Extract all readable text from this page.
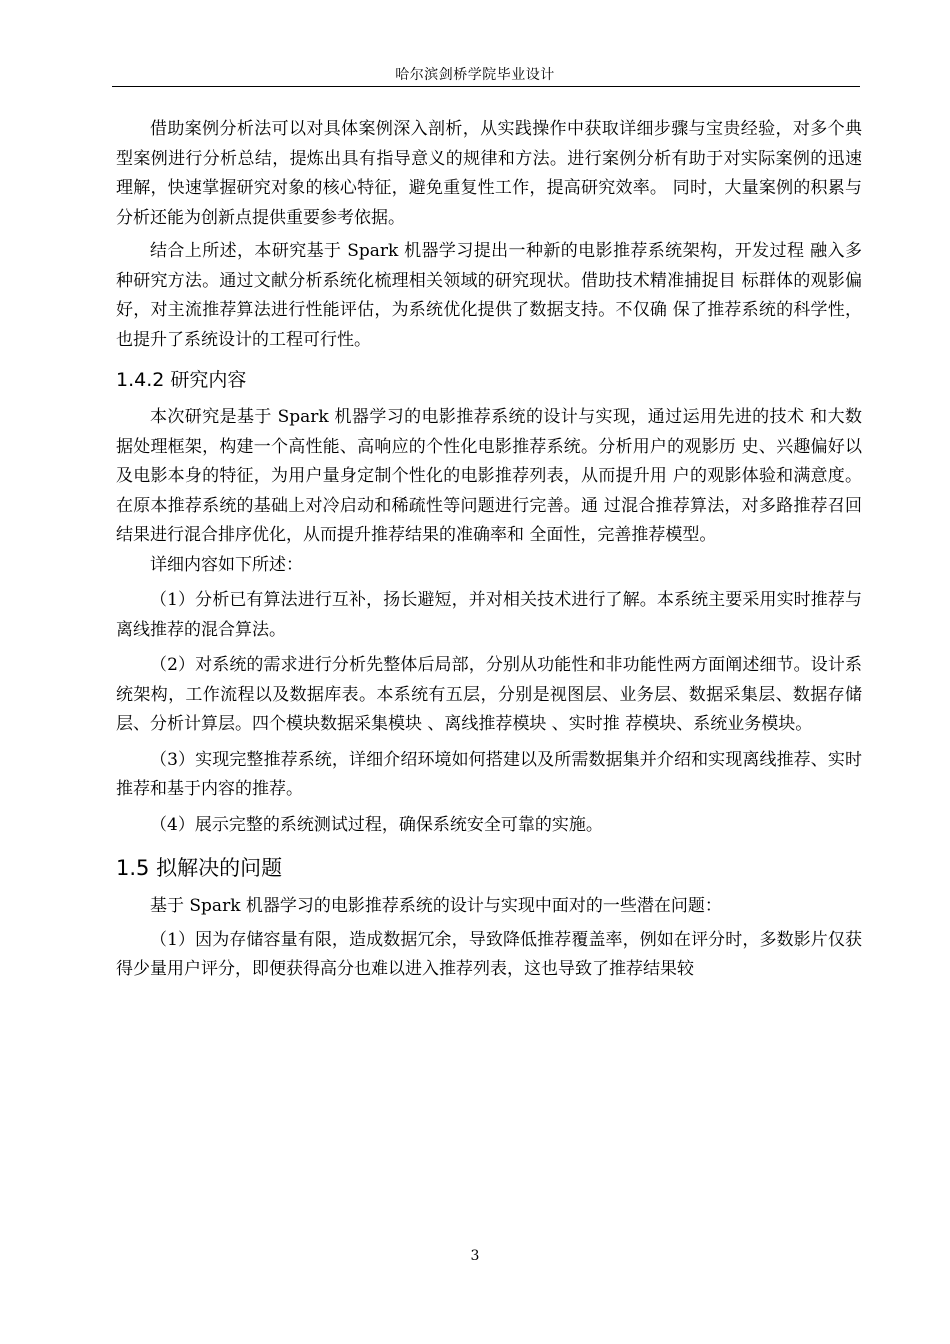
哈尔滨剑桥学院毕业设计

借助案例分析法可以对具体案例深入剖析，从实践操作中获取详细步骤与宝贵经验，对多个典型案例进行分析总结，提炼出具有指导意义的规律和方法。进行案例分析有助于对实际案例的迅速理解，快速掌握研究对象的核心特征，避免重复性工作，提高研究效率。 同时，大量案例的积累与分析还能为创新点提供重要参考依据。

结合上所述，本研究基于 Spark 机器学习提出一种新的电影推荐系统架构，开发过程 融入多种研究方法。通过文献分析系统化梳理相关领域的研究现状。借助技术精准捕捉目 标群体的观影偏好，对主流推荐算法进行性能评估，为系统优化提供了数据支持。不仅确 保了推荐系统的科学性，也提升了系统设计的工程可行性。

1.4.2 研究内容

本次研究是基于 Spark 机器学习的电影推荐系统的设计与实现，通过运用先进的技术 和大数据处理框架，构建一个高性能、高响应的个性化电影推荐系统。分析用户的观影历 史、兴趣偏好以及电影本身的特征，为用户量身定制个性化的电影推荐列表，从而提升用 户的观影体验和满意度。在原本推荐系统的基础上对冷启动和稀疏性等问题进行完善。通 过混合推荐算法，对多路推荐召回结果进行混合排序优化，从而提升推荐结果的准确率和 全面性，完善推荐模型。

详细内容如下所述：

（1）分析已有算法进行互补，扬长避短，并对相关技术进行了解。本系统主要采用实时推荐与离线推荐的混合算法。

（2）对系统的需求进行分析先整体后局部，分别从功能性和非功能性两方面阐述细节。设计系统架构，工作流程以及数据库表。本系统有五层，分别是视图层、业务层、数据采集层、数据存储层、分析计算层。四个模块数据采集模块 、离线推荐模块 、实时推 荐模块、系统业务模块。

（3）实现完整推荐系统，详细介绍环境如何搭建以及所需数据集并介绍和实现离线推荐、实时推荐和基于内容的推荐。

（4）展示完整的系统测试过程，确保系统安全可靠的实施。

1.5 拟解决的问题

基于 Spark 机器学习的电影推荐系统的设计与实现中面对的一些潜在问题：

（1）因为存储容量有限，造成数据冗余，导致降低推荐覆盖率，例如在评分时，多数影片仅获得少量用户评分，即便获得高分也难以进入推荐列表，这也导致了推荐结果较

3
